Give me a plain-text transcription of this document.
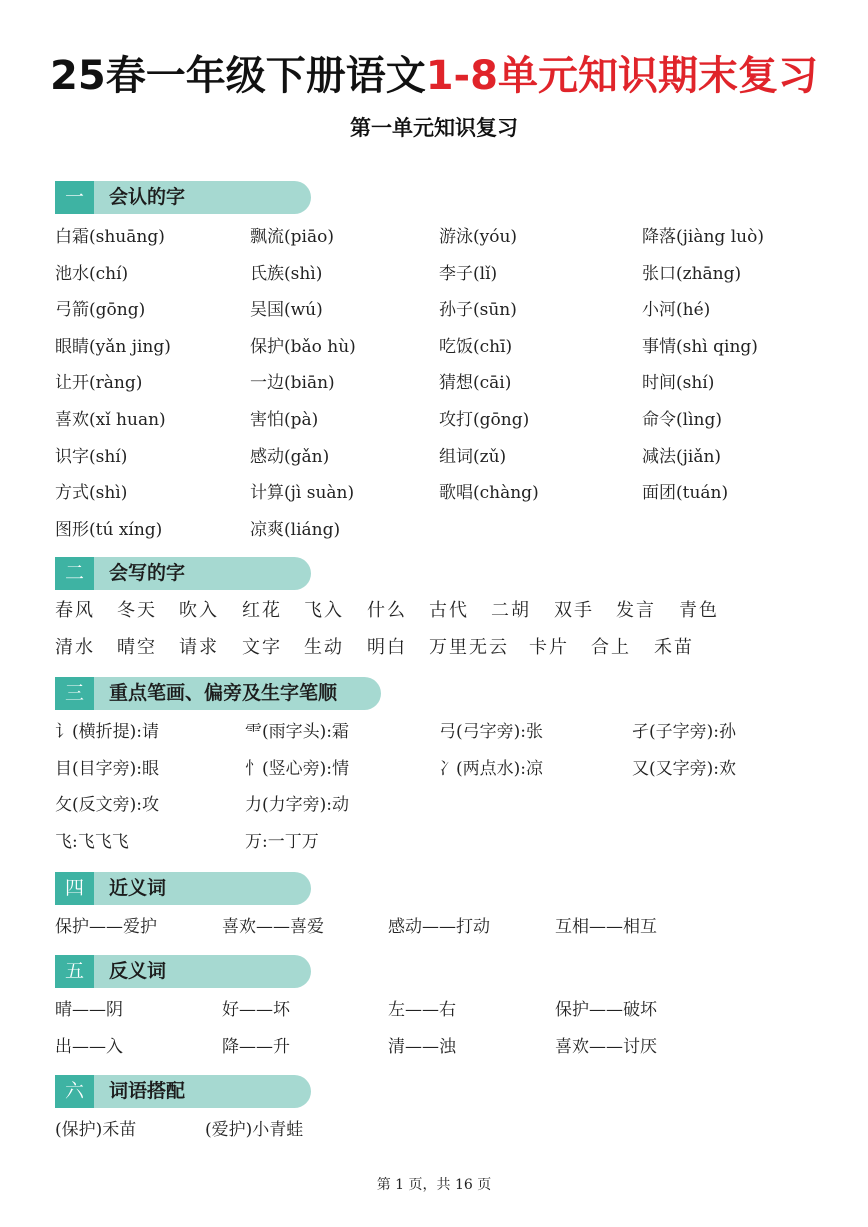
25春一年级下册语文1-8单元知识期末复习
第一单元知识复习
一	会认的字
白霜(shuāng)	飘流(piāo)	游泳(yóu)	降落(jiàng luò)
池水(chí)	氏族(shì)	李子(lǐ)	张口(zhāng)
弓箭(gōng)	吴国(wú)	孙子(sūn)	小河(hé)
眼睛(yǎn jing)	保护(bǎo hù)	吃饭(chī)	事情(shì qing)
让开(ràng)	一边(biān)	猜想(cāi)	时间(shí)
喜欢(xǐ huan)	害怕(pà)	攻打(gōng)	命令(lìng)
识字(shí)	感动(gǎn)	组词(zǔ)	减法(jiǎn)
方式(shì)	计算(jì suàn)	歌唱(chàng)	面团(tuán)
图形(tú xíng)	凉爽(liáng)
二	会写的字
春风 冬天 吹入 红花 飞入 什么 古代 二胡 双手 发言 青色
清水 晴空 请求 文字 生动 明白 万里无云 卡片 合上 禾苗
三	重点笔画、偏旁及生字笔顺
讠(横折提):请	⻗(雨字头):霜	弓(弓字旁):张	孑(子字旁):孙
目(目字旁):眼	忄(竖心旁):情	冫(两点水):凉	又(又字旁):欢
攵(反文旁):攻	力(力字旁):动
飞:飞飞飞	万:一丁万
四	近义词
保护——爱护	喜欢——喜爱	感动——打动	互相——相互
五	反义词
晴——阴	好——坏	左——右	保护——破坏
出——入	降——升	清——浊	喜欢——讨厌
六	词语搭配
(保护)禾苗	(爱护)小青蛙
第 1 页，共 16 页
